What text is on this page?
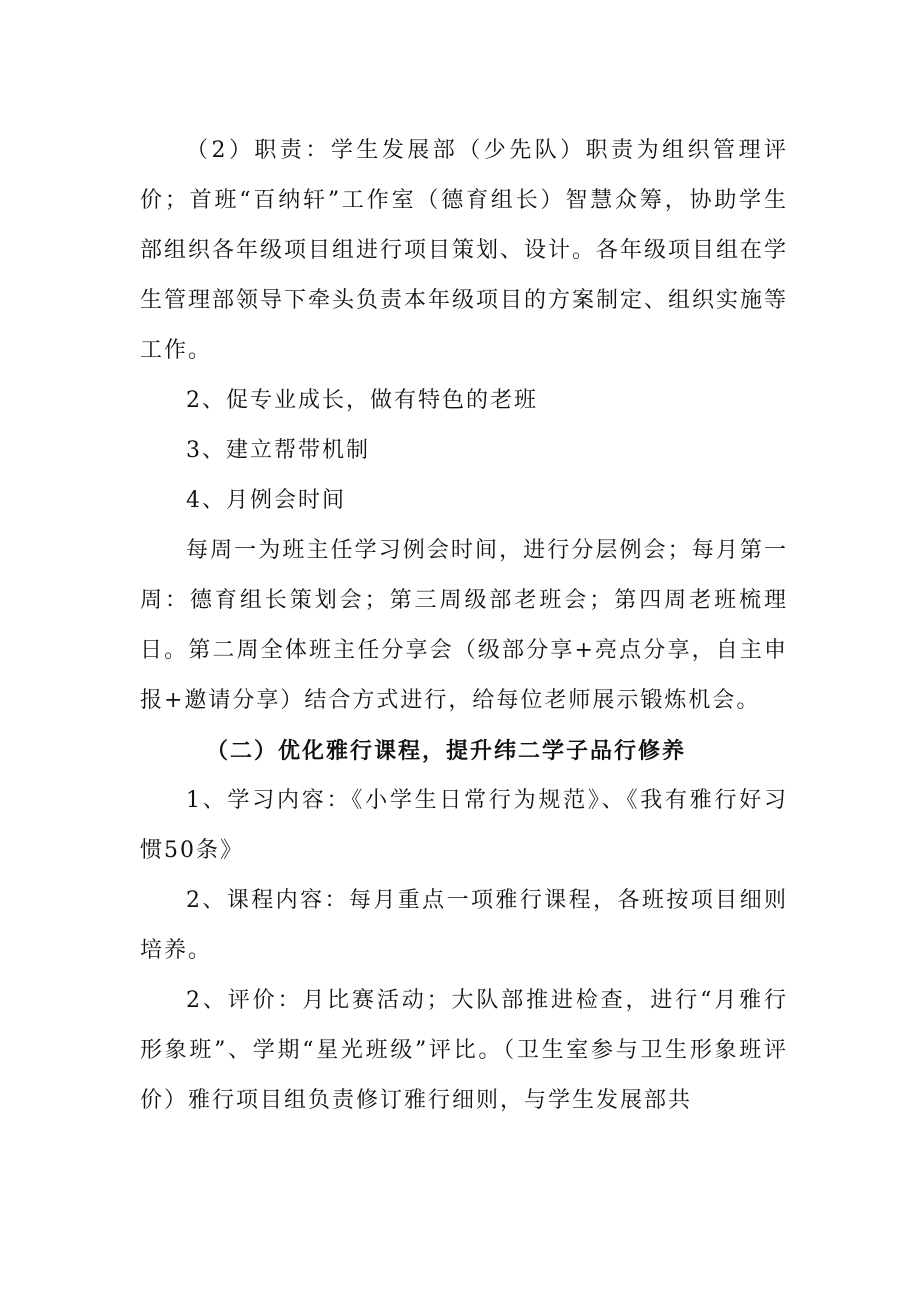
（2）职责：学生发展部（少先队）职责为组织管理评价；首班“百纳轩”工作室（德育组长）智慧众筹，协助学生部组织各年级项目组进行项目策划、设计。各年级项目组在学生管理部领导下牵头负责本年级项目的方案制定、组织实施等工作。

2、促专业成长，做有特色的老班

3、建立帮带机制

4、月例会时间

每周一为班主任学习例会时间，进行分层例会；每月第一周：德育组长策划会；第三周级部老班会；第四周老班梳理日。第二周全体班主任分享会（级部分享+亮点分享，自主申报+邀请分享）结合方式进行，给每位老师展示锻炼机会。

（二）优化雅行课程，提升纬二学子品行修养

1、学习内容：《小学生日常行为规范》、《我有雅行好习惯50条》

2、课程内容：每月重点一项雅行课程，各班按项目细则培养。

2、评价：月比赛活动；大队部推进检查，进行“月雅行形象班”、学期“星光班级”评比。（卫生室参与卫生形象班评价）雅行项目组负责修订雅行细则，与学生发展部共
